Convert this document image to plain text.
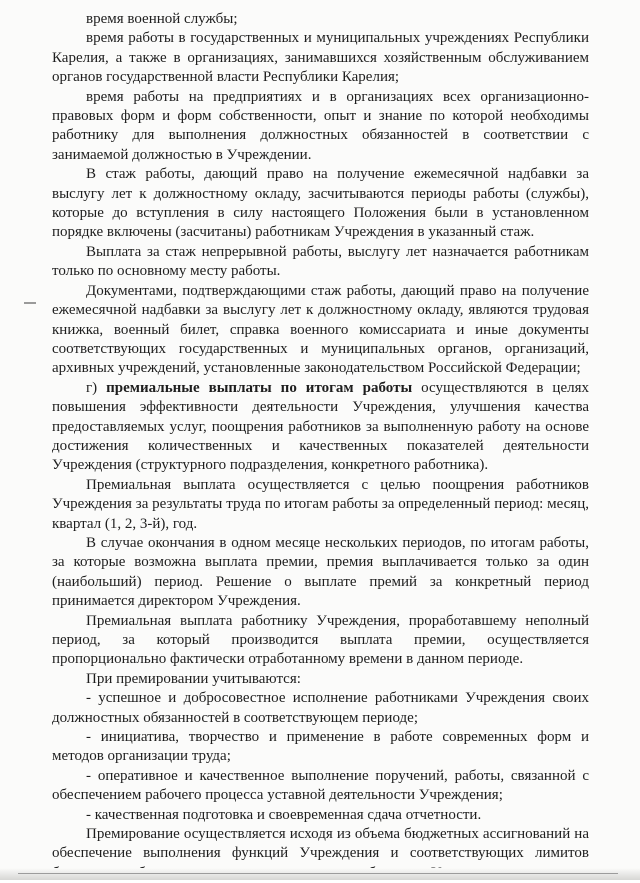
время военной службы;

время работы в государственных и муниципальных учреждениях Республики Карелия, а также в организациях, занимавшихся хозяйственным обслуживанием органов государственной власти Республики Карелия;

время работы на предприятиях и в организациях всех организационно-правовых форм и форм собственности, опыт и знание по которой необходимы работнику для выполнения должностных обязанностей в соответствии с занимаемой должностью в Учреждении.

В стаж работы, дающий право на получение ежемесячной надбавки за выслугу лет к должностному окладу, засчитываются периоды работы (службы), которые до вступления в силу настоящего Положения были в установленном порядке включены (засчитаны) работникам Учреждения в указанный стаж.

Выплата за стаж непрерывной работы, выслугу лет назначается работникам только по основному месту работы.

Документами, подтверждающими стаж работы, дающий право на получение ежемесячной надбавки за выслугу лет к должностному окладу, являются трудовая книжка, военный билет, справка военного комиссариата и иные документы соответствующих государственных и муниципальных органов, организаций, архивных учреждений, установленные законодательством Российской Федерации;

г) премиальные выплаты по итогам работы осуществляются в целях повышения эффективности деятельности Учреждения, улучшения качества предоставляемых услуг, поощрения работников за выполненную работу на основе достижения количественных и качественных показателей деятельности Учреждения (структурного подразделения, конкретного работника).

Премиальная выплата осуществляется с целью поощрения работников Учреждения за результаты труда по итогам работы за определенный период: месяц, квартал (1, 2, 3-й), год.

В случае окончания в одном месяце нескольких периодов, по итогам работы, за которые возможна выплата премии, премия выплачивается только за один (наибольший) период. Решение о выплате премий за конкретный период принимается директором Учреждения.

Премиальная выплата работнику Учреждения, проработавшему неполный период, за который производится выплата премии, осуществляется пропорционально фактически отработанному времени в данном периоде.

При премировании учитываются:

- успешное и добросовестное исполнение работниками Учреждения своих должностных обязанностей в соответствующем периоде;

- инициатива, творчество и применение в работе современных форм и методов организации труда;

- оперативное и качественное выполнение поручений, работы, связанной с обеспечением рабочего процесса уставной деятельности Учреждения;

- качественная подготовка и своевременная сдача отчетности.

Премирование осуществляется исходя из объема бюджетных ассигнований на обеспечение выполнения функций Учреждения и соответствующих лимитов
